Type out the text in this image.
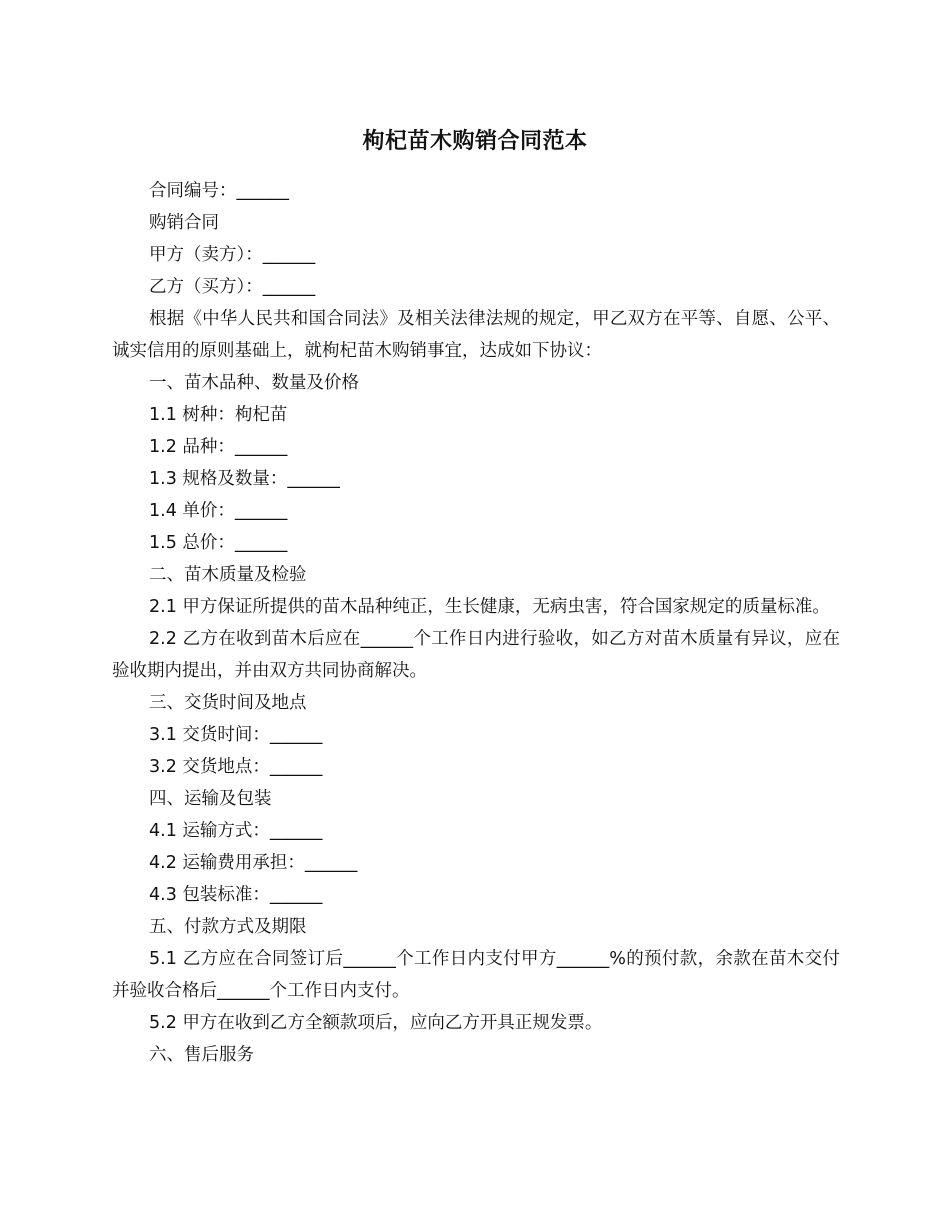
枸杞苗木购销合同范本

合同编号：______

购销合同

甲方（卖方）：______

乙方（买方）：______

根据《中华人民共和国合同法》及相关法律法规的规定，甲乙双方在平等、自愿、公平、诚实信用的原则基础上，就枸杞苗木购销事宜，达成如下协议：

一、苗木品种、数量及价格

1.1 树种：枸杞苗

1.2 品种：______

1.3 规格及数量：______

1.4 单价：______

1.5 总价：______

二、苗木质量及检验

2.1 甲方保证所提供的苗木品种纯正，生长健康，无病虫害，符合国家规定的质量标准。

2.2 乙方在收到苗木后应在______个工作日内进行验收，如乙方对苗木质量有异议，应在验收期内提出，并由双方共同协商解决。

三、交货时间及地点

3.1 交货时间：______

3.2 交货地点：______

四、运输及包装

4.1 运输方式：______

4.2 运输费用承担：______

4.3 包装标准：______

五、付款方式及期限

5.1 乙方应在合同签订后______个工作日内支付甲方______%的预付款，余款在苗木交付并验收合格后______个工作日内支付。

5.2 甲方在收到乙方全额款项后，应向乙方开具正规发票。

六、售后服务
